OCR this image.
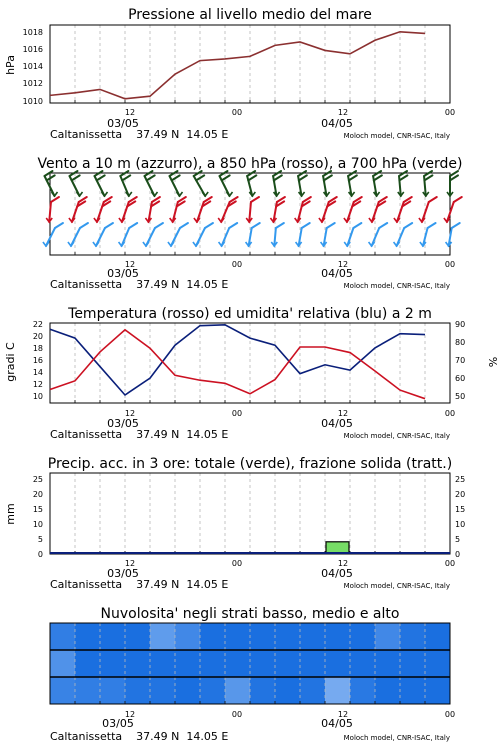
Pressione al livello medio del mare
hPa
1010
1012
1014
1016
1018
12	00	12	00
03/05	04/05
Caltanissetta    37.49 N  14.05 E	Moloch model, CNR-ISAC, Italy
Vento a 10 m (azzurro), a 850 hPa (rosso), a 700 hPa (verde)
12	00	12	00
03/05	04/05
Caltanissetta    37.49 N  14.05 E	Moloch model, CNR-ISAC, Italy
Temperatura (rosso) ed umidita' relativa (blu) a 2 m
gradi C	%
10
12
14
16
18
20
22
50
60
70
80
90
12	00	12	00
03/05	04/05
Caltanissetta    37.49 N  14.05 E	Moloch model, CNR-ISAC, Italy
Precip. acc. in 3 ore: totale (verde), frazione solida (tratt.)
mm
0
5
10
15
20
25
0
5
10
15
20
25
12	00	12	00
03/05	04/05
Caltanissetta    37.49 N  14.05 E	Moloch model, CNR-ISAC, Italy
Nuvolosita' negli strati basso, medio e alto
12	00	12	00
03/05	04/05
Caltanissetta    37.49 N  14.05 E	Moloch model, CNR-ISAC, Italy
